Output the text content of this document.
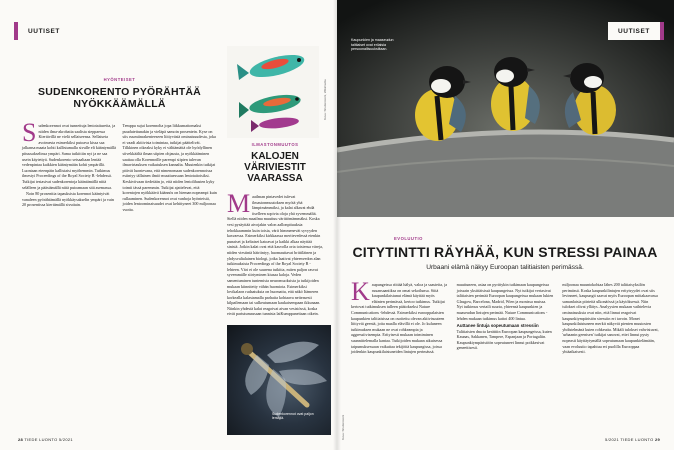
UUTISET
HYÖNTEISET
SUDENKORENTO PYÖRÄHTÄÄ
NYÖKKÄÄMÄLLÄ
S udenkorennot ovat tunnettuja lentotaitureita, ja niiden ilma-akrobatia saalista sieppaessa Kiertävillä ne vielä sellaiseensa. Sellaiseta avoimesta esimerkiksi putoava kissa saa jalkansa maata kohti kallistumalla sivulle eli kääntymällä pituusakselinsa ympäri. Sama tutkittiin nyt ja ne saa usein käytettyä. Sudenkorento seisaaltaan lentää vedenpintaa kaikkien kääntymään kohti ympärillä. Luontaan eteenpäin kallistaisi myöhemmin. Tutkimus ilmestyi Proceedings of the Royal Society B -lehdessä. Tutkijat testasivat sudenkorentoja kääntämällä niitä selälleen ja päästämällä niitä putoamaan sitä asemassa.

Noin 80 prosenttia tapauksista korennot kääntyivät vanaleen pyörähtämällä nyökkäysakselin ympäri ja vain 20 prosentissa kiertämällä sivuttain.

Temppu sujui korennolta jopa liikkumattomaksi puudutettunakin ja vieläpä samoin prosentein. Kyse on siis ruumiinrakenteeseen liittyvästä ominaisuudesta, joka ei vaadi aktiivista toimintaa, tutkijat päättelivät. Tilkkinen oikeaksi kyky ei välttämättä ole hyödyllinen siivekkäältä ilman siipien ohjausta, ja nyökkääminen saattaa olla Korennoille parempi siipien tulevan ilmavirtauksen vaikutuksen kannalta. Muutenkin tutkijat pitivät luontevana, että nimenomaan sudenkorennoissa esiintyy tällainen ilmiö muuttuessaan lentotaitoisiksi. Keskiviivaan tiedetään jo, että niiden lentolihasten kyky toimii tässä paremmin. Tutkijat ajattelevat, että korentojen nyökkäävä käännös on hieman nopeampi kuin rullaaminen. Sudenkorennot ovat vanhoja hyönteisiä, joiden lentoominaisuudet ovat kehittyneet 300 miljoonaa vuotta.

Kuva: Shutterstock, Wikimedia
ILMASTONMUUTOS
KALOJEN
VÄRIVIESTIT
VAARASSA
M aailman pintavedet tulevat ilmastonmuutoksen myötä yhä lämpimämmiksi, ja kalat alkavat ehdä itselleen sopivia oloja yhä syvemmältä. Siellä niiden maailma muuttuu värittömämmäksi. Koska vesi pysäyttää aivojakin valon aallonpituuksia tehokkaammin kuin toisia, värit himmenevät syvyyden kasvaessa. Esimerkiksi kirkkaassa meritevedessä etenkin punaiset ja keltaiset katoavat ja kaikki alkaa näyttää sinistä. Jotkin kalat ovat että kasvolla orta toisiensa väreja, niiden viestintä häiriintyy, huomauttavat brittiläinen ja yhdysvaltalainen biologi, jotka laativat yhteenvedon alan tutkimuksista Proceedings of the Royal Society B -lehteen. Väri ei ole suurena tutkitta, miten paljon rasvat syvemmälle siirtyminen kiusaa kaloja. Veden samentuminen tuntemista neuromuoksista ja tutkijoiden mukaan kiinnitetty vähän huomiota. Esimerkiksi lovikalaon rudaatuksia on huomattu, että näkö Itämeren korkealla kalastamalla parhaita kohtaava neiteasesti kilpailemaan tai sulkeutumaan kaukaisempaan ikkunaan. Niinkin yhdestä kalat reagoivat aivan vesistössä, koska eivät pariutumassaan tunnista laiKumppaneitaan oikein.

Sudenkorennot ovat paljon lentäjiä.
28 TIEDE LUONTO 5/2021
UUTISET
Kaupunkien ja maaseudun talitiaiset ovat erilaisia persoonallisuuksiltaan.
Kuva: Shutterstock
EVOLUUTIO
CITYTINTTI RÄYHÄÄ, KUN STRESSI PAINAA
Urbaani elämä näkyy Euroopan talitiaisten perimässä.
K aupungeissa riittää hälyä, valoa ja saasteita, ja ruuansaantiksa on omat sekoilunsa. Siitä kaupunkilaistunut elämä käyttää myös eläinten perimässä, kertoo tutkimus. Tutkijat kertovat tutkimuksen tulleen päätokseksi Nature Communications -lehdessä. Esimerkiksi eurooppalaisten kaupunkien talitiaisissa on osoitettu olevan aktivisuuteen liittyviä geeniä, joita maalla elävillä ei ole. Jo kuluneen tutkimuksen mukaan ne ovat rohkeampia ja aggressiivisempia. Erityisesti mukaan toimiminen suunnittelemalla kantaa. Tutkijoiden mukaan aikuisessa taipumuksessaan vaikuttaa tekijöitä kaupungissa, joissa joidenkin kaupunkilaistuneiden lintujen perimässä.

muuttuneen, asiaa on pyrittykin tutkimaan kaupungeissa joissain yksittäisissä kaupungeissa. Nyt tutkijat vertasivat talitiaisten perimää Euroopan kaupungeissa mukaan lukien Glasgow, Barcelona, Madrid, Wien ja monissa muissa. Nyt tutkimus vertaili suurta, yhteensä kaupunkien ja maaseudun lintujen perimää. Nature Communications -lehden mukaan tutkimus kattoi 400 lintua.

Auttanee lintuja sopeutumaan stressiin

Talitiaisten dna:ta kerättiin Euroopan kaupungeissa, kuten Kaunas, Sakkanen, Tampere, Espanjaan ja Portugaliin. Kaupunkiympäristöön sopeutuneet linnut poikkesivat geneettisesti.

miljoonaa muuntokohtaa lähes 200 talitiaisyksilön perimässä. Koska kaupunkilintujen erityisyydet ovat siis levinneet, kaupungit saavat myös Euroopan mittakaavassa samanlaisia piirteitä ulkonäössä ja käytöksessä. Niin tulokset olivat yllätys. Analyysien mukaan vaihtelevia ominaisuuksia ovat niin, että linnut reagoivat kaupunkiympäristön stressiin eri tavoin. Monet kaupunkilaistuneen merkit näkyvät pienten muutosten yhdistelmänä kuten rohkeutta. Mikäli tulokset vahvistuvat, 'urbaanin geenisen' tutkijat sanovat, ettei linnut pysty nopeasti käyttäytymällä sopeutumaan kaupunkielämään, vaan evoluutio tapahtuu eri puolilla Eurooppaa yhtäaikaisesti.

5/2021 TIEDE LUONTO 29
